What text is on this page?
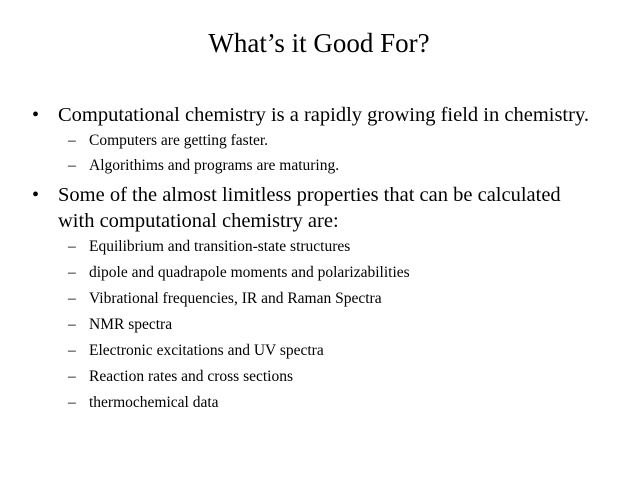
What’s it Good For?
• Computational chemistry is a rapidly growing field in chemistry.
– Computers are getting faster.
– Algorithims and programs are maturing.
• Some of the almost limitless properties that can be calculated with computational chemistry are:
– Equilibrium and transition-state structures
– dipole and quadrapole moments and polarizabilities
– Vibrational frequencies, IR and Raman Spectra
– NMR spectra
– Electronic excitations and UV spectra
– Reaction rates and cross sections
– thermochemical data
